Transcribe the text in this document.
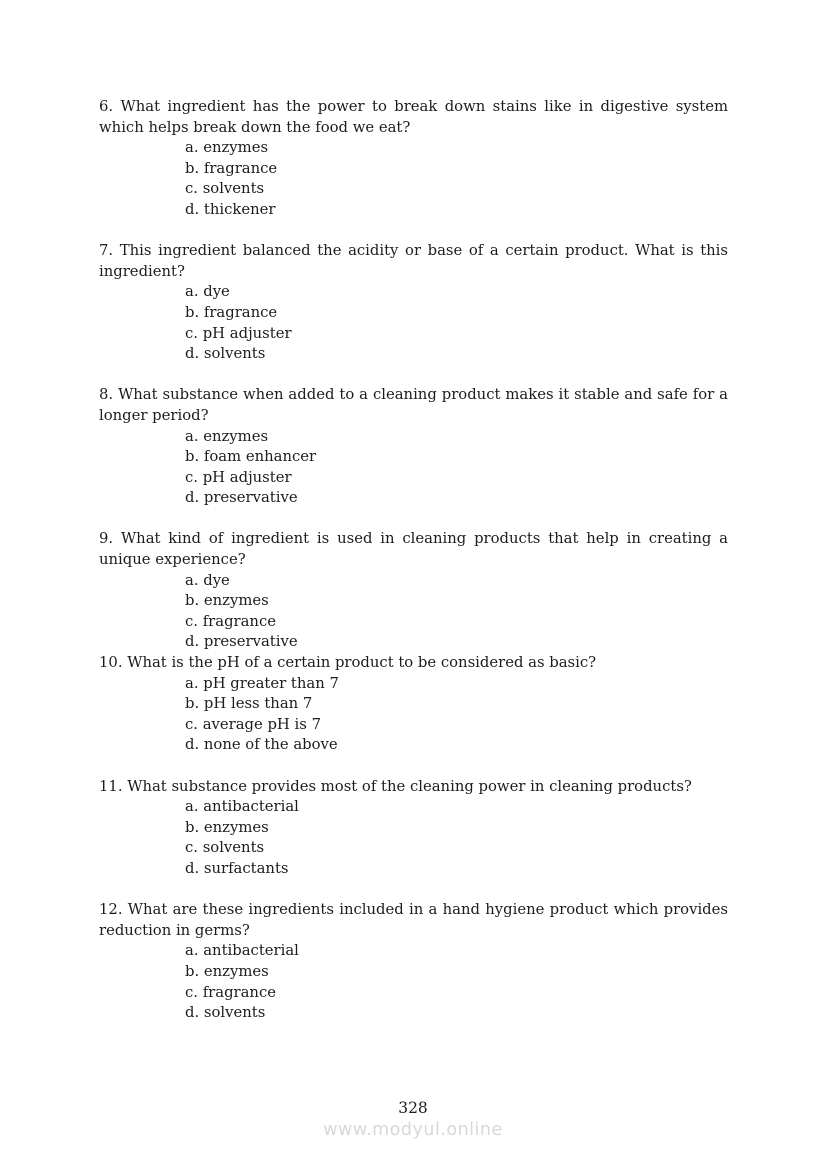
6. What ingredient has the power to break down stains like in digestive system which helps break down the food we eat?

a. enzymes
b. fragrance
c. solvents
d. thickener

7. This ingredient balanced the acidity or base of a certain product. What is this ingredient?

a. dye
b. fragrance
c. pH adjuster
d. solvents

8. What substance when added to a cleaning product makes it stable and safe for a longer period?

a. enzymes
b. foam enhancer
c. pH adjuster
d. preservative

9. What kind of ingredient is used in cleaning products that help in creating a unique experience?

a. dye
b. enzymes
c. fragrance
d. preservative

10. What is the pH of a certain product to be considered as basic?

a. pH greater than 7
b. pH less than 7
c. average pH is 7
d. none of the above

11. What substance provides most of the cleaning power in cleaning products?

a. antibacterial
b. enzymes
c. solvents
d. surfactants

12. What are these ingredients included in a hand hygiene product which provides reduction in germs?

a. antibacterial
b. enzymes
c. fragrance
d. solvents
328
www.modyul.online
